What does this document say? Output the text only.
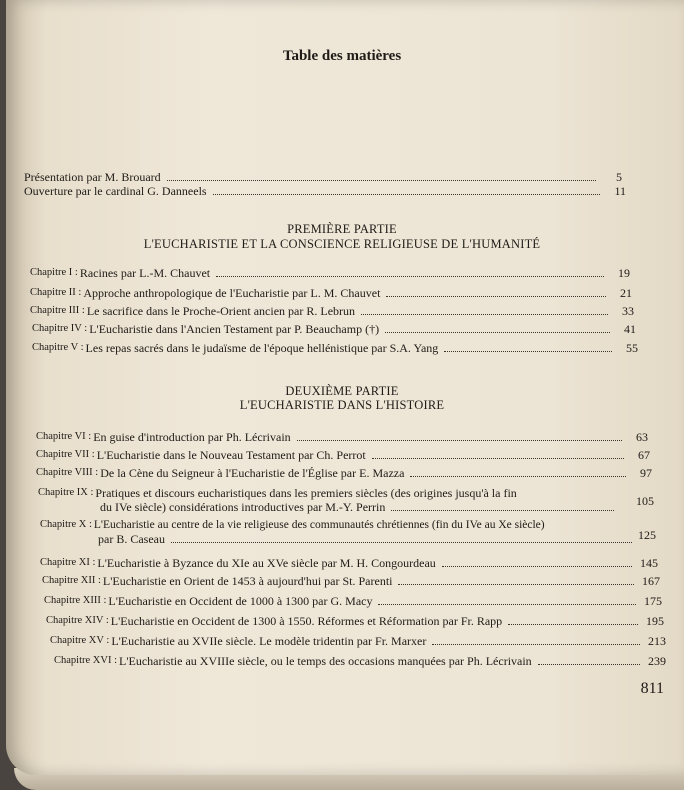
Table des matières
Présentation par M. Brouard	5
Ouverture par le cardinal G. Danneels	11
PREMIÈRE PARTIE
L'EUCHARISTIE ET LA CONSCIENCE RELIGIEUSE DE L'HUMANITÉ
Chapitre I : Racines par L.-M. Chauvet	19
Chapitre II : Approche anthropologique de l'Eucharistie par L. M. Chauvet	21
Chapitre III : Le sacrifice dans le Proche-Orient ancien par R. Lebrun	33
Chapitre IV : L'Eucharistie dans l'Ancien Testament par P. Beauchamp (†)	41
Chapitre V : Les repas sacrés dans le judaïsme de l'époque hellénistique par S.A. Yang	55
DEUXIÈME PARTIE
L'EUCHARISTIE DANS L'HISTOIRE
Chapitre VI : En guise d'introduction par Ph. Lécrivain	63
Chapitre VII : L'Eucharistie dans le Nouveau Testament par Ch. Perrot	67
Chapitre VIII : De la Cène du Seigneur à l'Eucharistie de l'Église par E. Mazza	97
Chapitre IX : Pratiques et discours eucharistiques dans les premiers siècles (des origines jusqu'à la fin
du IVe siècle) considérations introductives par M.-Y. Perrin	105
Chapitre X : L'Eucharistie au centre de la vie religieuse des communautés chrétiennes (fin du IVe au Xe siècle)
par B. Caseau	125
Chapitre XI : L'Eucharistie à Byzance du XIe au XVe siècle par M. H. Congourdeau	145
Chapitre XII : L'Eucharistie en Orient de 1453 à aujourd'hui par St. Parenti	167
Chapitre XIII : L'Eucharistie en Occident de 1000 à 1300 par G. Macy	175
Chapitre XIV : L'Eucharistie en Occident de 1300 à 1550. Réformes et Réformation par Fr. Rapp	195
Chapitre XV : L'Eucharistie au XVIIe siècle. Le modèle tridentin par Fr. Marxer	213
Chapitre XVI : L'Eucharistie au XVIIIe siècle, ou le temps des occasions manquées par Ph. Lécrivain	239
811
